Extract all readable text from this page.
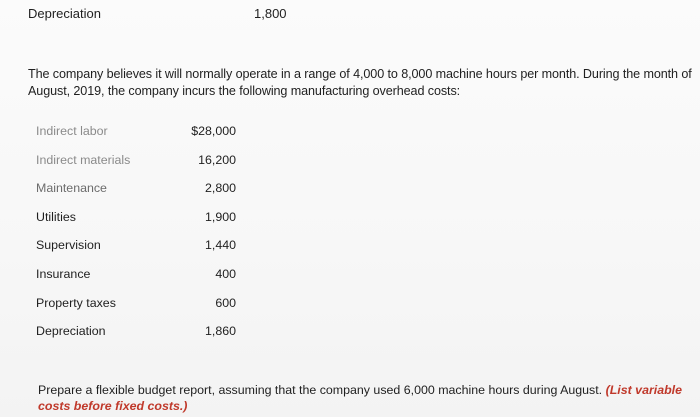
Depreciation	1,800
The company believes it will normally operate in a range of 4,000 to 8,000 machine hours per month. During the month of August, 2019, the company incurs the following manufacturing overhead costs:
Indirect labor	$28,000
Indirect materials	16,200
Maintenance	2,800
Utilities	1,900
Supervision	1,440
Insurance	400
Property taxes	600
Depreciation	1,860
Prepare a flexible budget report, assuming that the company used 6,000 machine hours during August. (List variable costs before fixed costs.)
